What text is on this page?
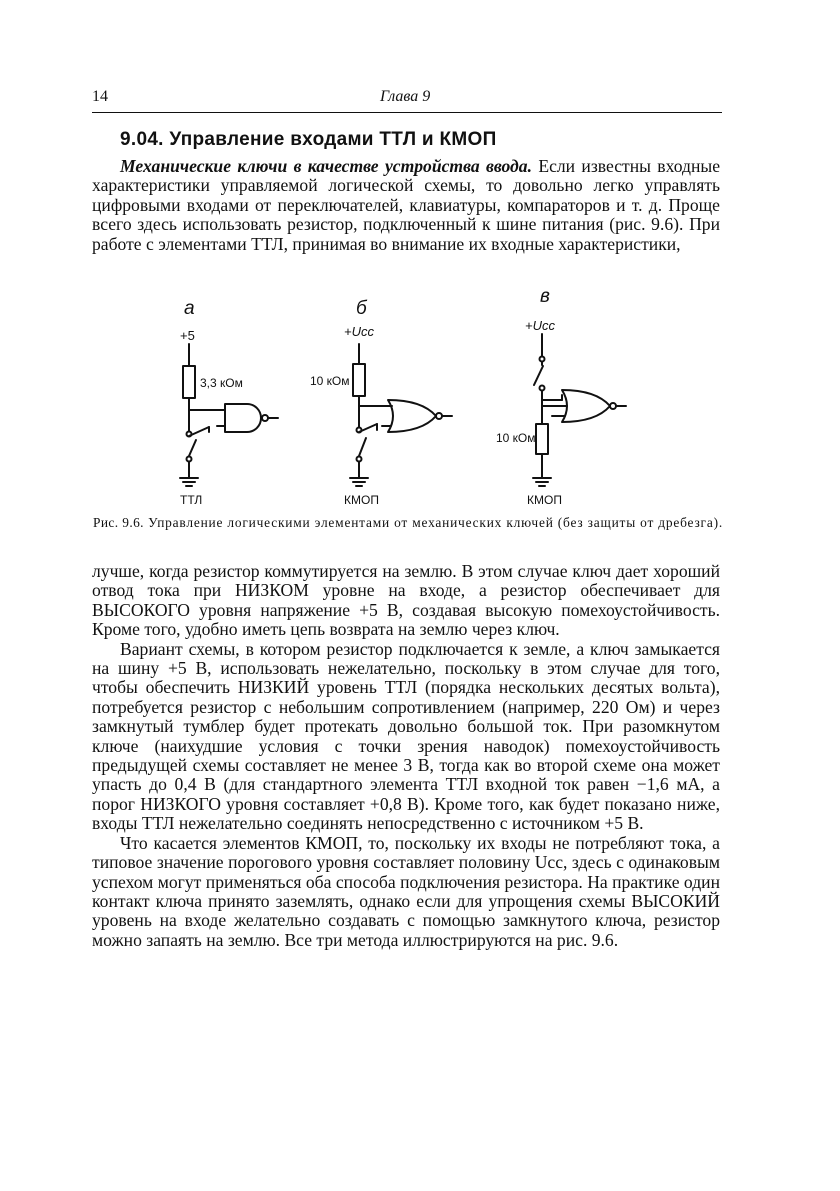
14	Глава 9
9.04. Управление входами ТТЛ и КМОП

Механические ключи в качестве устройства ввода. Если известны входные характеристики управляемой логической схемы, то довольно легко управлять цифровыми входами от переключателей, клавиатуры, компараторов и т. д. Проще всего здесь использовать резистор, подключенный к шине питания (рис. 9.6). При работе с элементами ТТЛ, принимая во внимание их входные характеристики,

а
+5
3,3 кОм
ТТЛ
б
+Ucc
10 кОм
КМОП
в
+Ucc
10 кОм
КМОП
Рис. 9.6. Управление логическими элементами от механических ключей (без защиты от дребезга).

лучше, когда резистор коммутируется на землю. В этом случае ключ дает хороший отвод тока при НИЗКОМ уровне на входе, а резистор обеспечивает для ВЫСОКОГО уровня напряжение +5 В, создавая высокую помехоустойчивость. Кроме того, удобно иметь цепь возврата на землю через ключ.

Вариант схемы, в котором резистор подключается к земле, а ключ замыкается на шину +5 В, использовать нежелательно, поскольку в этом случае для того, чтобы обеспечить НИЗКИЙ уровень ТТЛ (порядка нескольких десятых вольта), потребуется резистор с небольшим сопротивлением (например, 220 Ом) и через замкнутый тумблер будет протекать довольно большой ток. При разомкнутом ключе (наихудшие условия с точки зрения наводок) помехоустойчивость предыдущей схемы составляет не менее 3 В, тогда как во второй схеме она может упасть до 0,4 В (для стандартного элемента ТТЛ входной ток равен −1,6 мА, а порог НИЗКОГО уровня составляет +0,8 В). Кроме того, как будет показано ниже, входы ТТЛ нежелательно соединять непосредственно с источником +5 В.

Что касается элементов КМОП, то, поскольку их входы не потребляют тока, а типовое значение порогового уровня составляет половину Ucc, здесь с одинаковым успехом могут применяться оба способа подключения резистора. На практике один контакт ключа принято заземлять, однако если для упрощения схемы ВЫСОКИЙ уровень на входе желательно создавать с помощью замкнутого ключа, резистор можно запаять на землю. Все три метода иллюстрируются на рис. 9.6.
